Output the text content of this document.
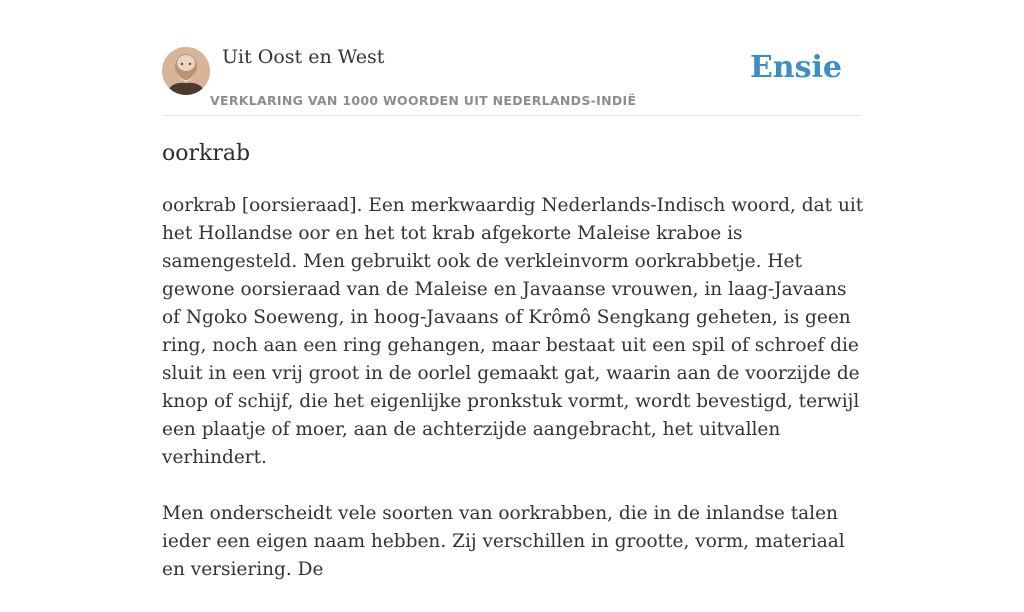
Uit Oost en West
VERKLARING VAN 1000 WOORDEN UIT NEDERLANDS-INDIË
Ensie
oorkrab

oorkrab [oorsieraad]. Een merkwaardig Nederlands-Indisch woord, dat uit het Hollandse oor en het tot krab afgekorte Maleise kraboe is samengesteld. Men gebruikt ook de verkleinvorm oorkrabbetje. Het gewone oorsieraad van de Maleise en Javaanse vrouwen, in laag-Javaans of Ngoko Soeweng, in hoog-Javaans of Krômô Sengkang geheten, is geen ring, noch aan een ring gehangen, maar bestaat uit een spil of schroef die sluit in een vrij groot in de oorlel gemaakt gat, waarin aan de voorzijde de knop of schijf, die het eigenlijke pronkstuk vormt, wordt bevestigd, terwijl een plaatje of moer, aan de achterzijde aangebracht, het uitvallen verhindert.

Men onderscheidt vele soorten van oorkrabben, die in de inlandse talen ieder een eigen naam hebben. Zij verschillen in grootte, vorm, materiaal en versiering. De
